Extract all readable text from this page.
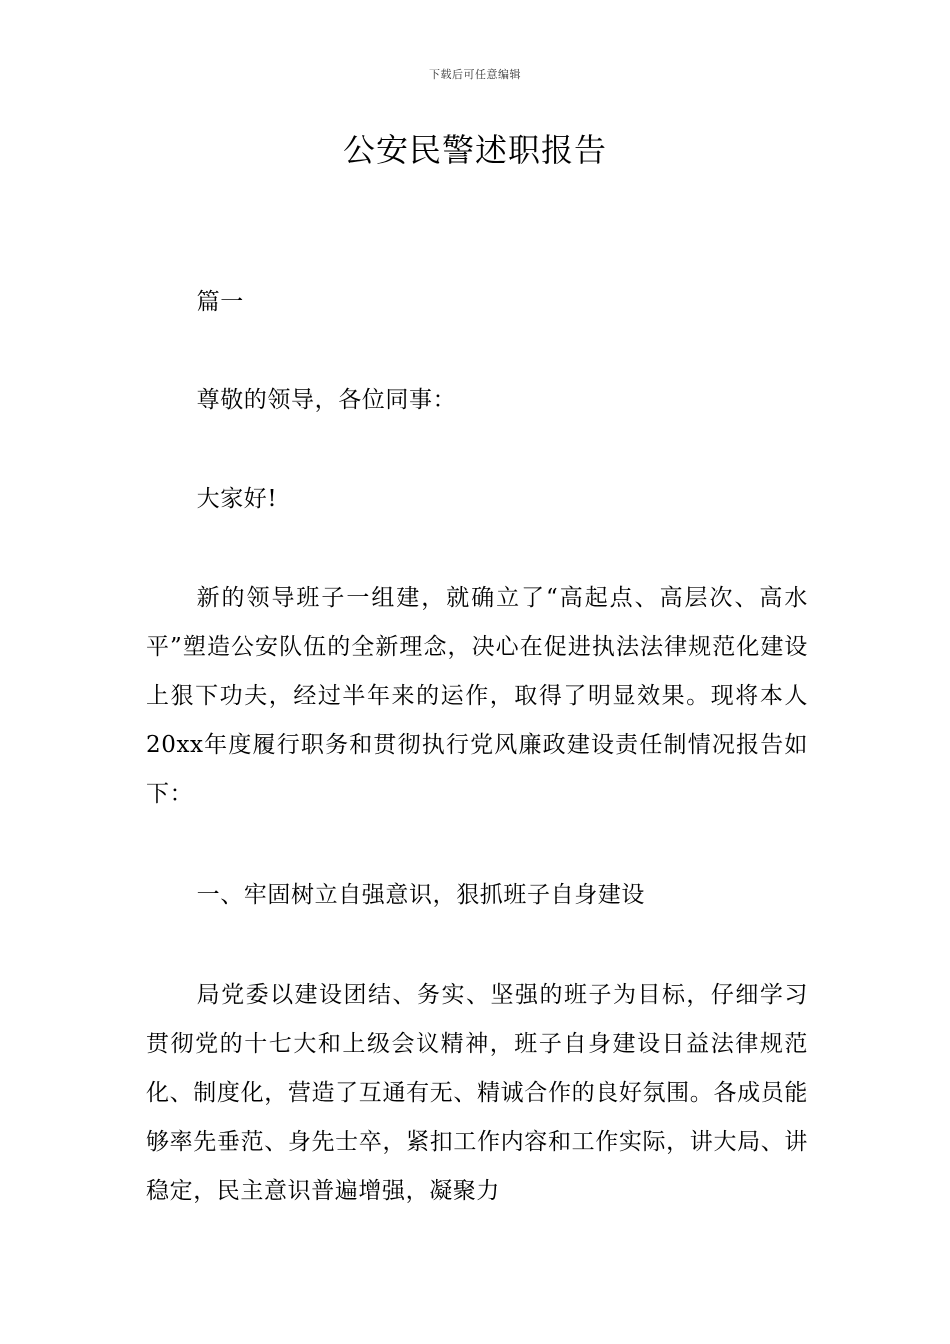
下载后可任意编辑
公安民警述职报告

篇一

尊敬的领导，各位同事：

大家好!

新的领导班子一组建，就确立了“高起点、高层次、高水平”塑造公安队伍的全新理念，决心在促进执法法律规范化建设上狠下功夫，经过半年来的运作，取得了明显效果。现将本人20xx年度履行职务和贯彻执行党风廉政建设责任制情况报告如下：

一、牢固树立自强意识，狠抓班子自身建设

局党委以建设团结、务实、坚强的班子为目标，仔细学习贯彻党的十七大和上级会议精神，班子自身建设日益法律规范化、制度化，营造了互通有无、精诚合作的良好氛围。各成员能够率先垂范、身先士卒，紧扣工作内容和工作实际，讲大局、讲稳定，民主意识普遍增强，凝聚力
